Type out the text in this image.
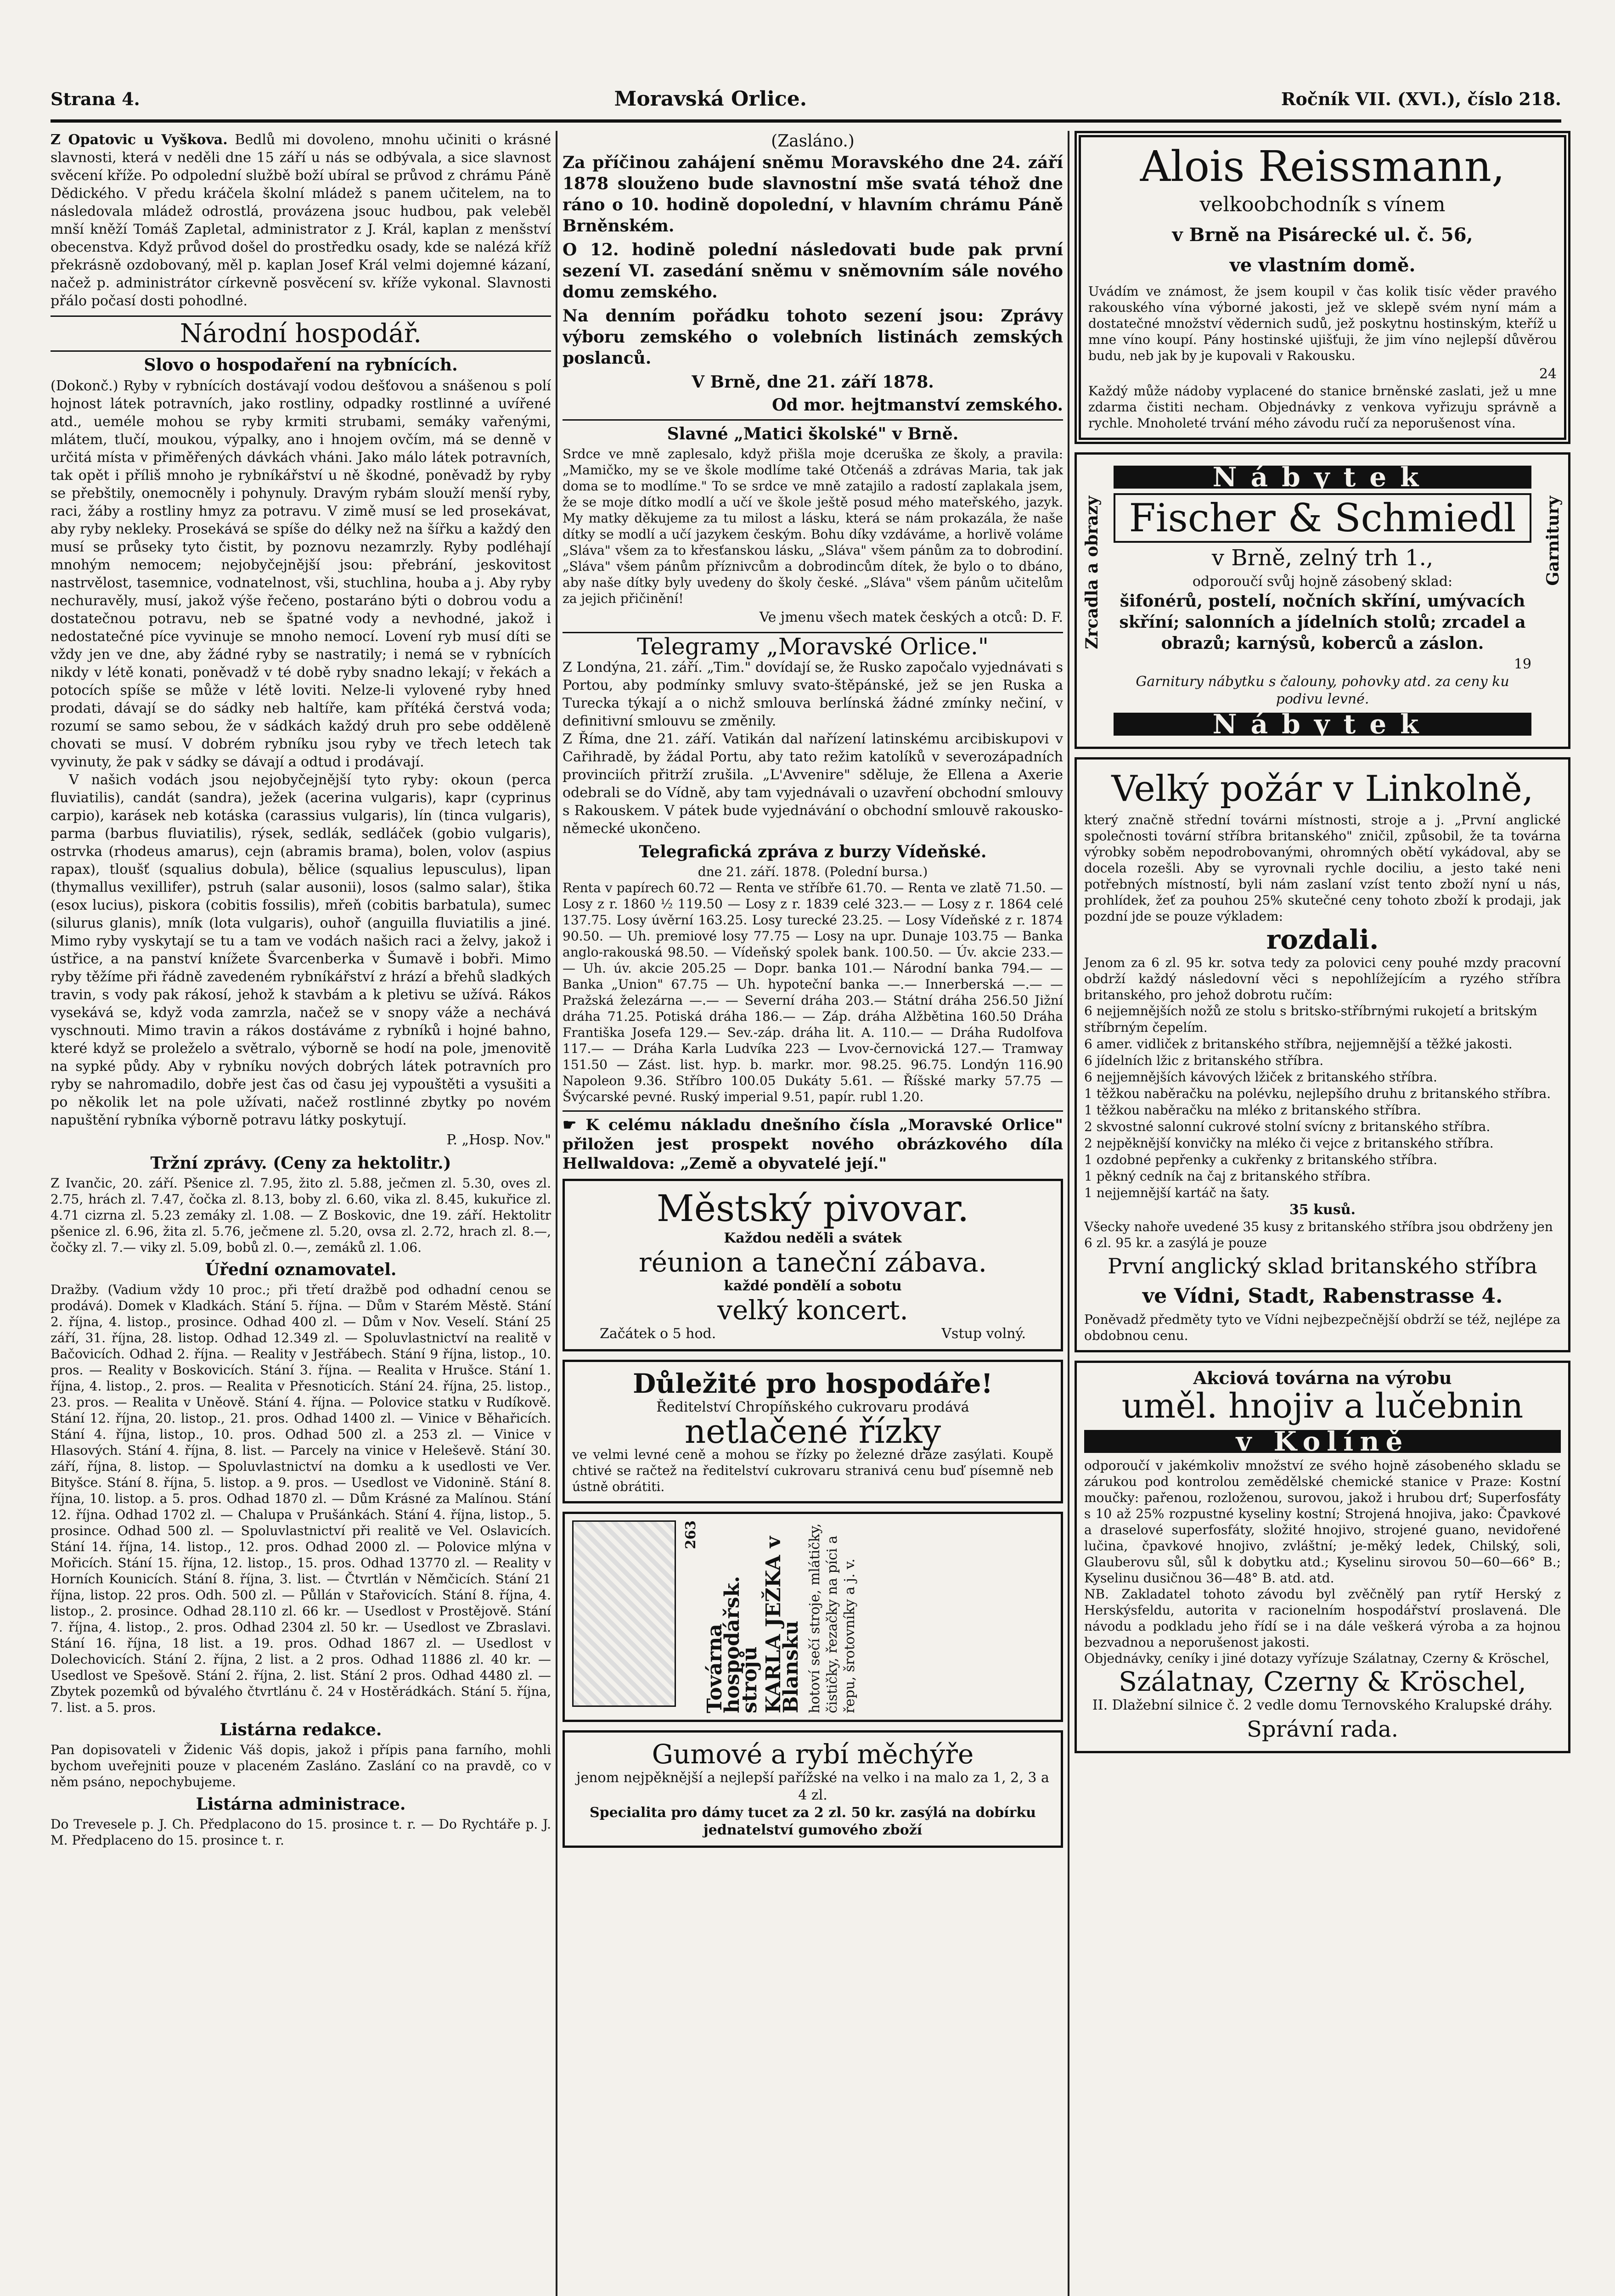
Strana 4.	Moravská Orlice.	Ročník VII. (XVI.), číslo 218.

Z Opatovic u Vyškova. Bedlů mi dovoleno, mnohu učiniti o krásné slavnosti, která v neděli dne 15 září u nás se odbývala, a sice slavnost svěcení kříže. Po odpolední službě boží ubíral se průvod z chrámu Páně Dědického. V předu kráčela školní mládež s panem učitelem, na to následovala mládež odrostlá, provázena jsouc hudbou, pak veleběl mnší kněží Tomáš Zapletal, administrator z J. Král, kaplan z menšství obecenstva. Když průvod došel do prostředku osady, kde se nalézá kříž překrásně ozdobovaný, měl p. kaplan Josef Král velmi dojemné kázaní, načež p. administrátor církevně posvěcení sv. kříže vykonal. Slavnosti přálo počasí dosti pohodlné.

Národní hospodář.
Slovo o hospodaření na rybnících.

(Dokonč.) Ryby v rybnících dostávají vodou dešťovou a snášenou s polí hojnost látek potravních, jako rostliny, odpadky rostlinné a uvířené atd., ueméle mohou se ryby krmiti strubami, semáky vařenými, mlátem, tlučí, moukou, výpalky, ano i hnojem ovčím, má se denně v určitá místa v přiměřených dávkách vháni. Jako málo látek potravních, tak opět i příliš mnoho je rybníkářství u ně škodné, poněvadž by ryby se přebštily, onemocněly i pohynuly. Dravým rybám slouží menší ryby, raci, žáby a rostliny hmyz za potravu. V zimě musí se led prosekávat, aby ryby nekleky. Prosekává se spíše do délky než na šířku a každý den musí se průseky tyto čistit, by poznovu nezamrzly. Ryby podléhají mnohým nemocem; nejobyčejnější jsou: přebrání, jeskovitost nastrvělost, tasemnice, vodnatelnost, vši, stuchlina, houba a j. Aby ryby nechuravěly, musí, jakož výše řečeno, postaráno býti o dobrou vodu a dostatečnou potravu, neb se špatné vody a nevhodné, jakož i nedostatečné píce vyvinuje se mnoho nemocí. Lovení ryb musí díti se vždy jen ve dne, aby žádné ryby se nastratily; i nemá se v rybnících nikdy v létě konati, poněvadž v té době ryby snadno lekají; v řekách a potocích spíše se může v létě loviti. Nelze-li vylovené ryby hned prodati, dávají se do sádky neb haltíře, kam přítéká čerstvá voda; rozumí se samo sebou, že v sádkách každý druh pro sebe odděleně chovati se musí. V dobrém rybníku jsou ryby ve třech letech tak vyvinuty, že pak v sádky se dávají a odtud i prodávají.

V našich vodách jsou nejobyčejnější tyto ryby: okoun (perca fluviatilis), candát (sandra), ježek (acerina vulgaris), kapr (cyprinus carpio), karásek neb kotáska (carassius vulgaris), lín (tinca vulgaris), parma (barbus fluviatilis), rýsek, sedlák, sedláček (gobio vulgaris), ostrvka (rhodeus amarus), cejn (abramis brama), bolen, volov (aspius rapax), tloušť (squalius dobula), bělice (squalius lepusculus), lipan (thymallus vexillifer), pstruh (salar ausonii), losos (salmo salar), štika (esox lucius), piskora (cobitis fossilis), mřeň (cobitis barbatula), sumec (silurus glanis), mník (lota vulgaris), ouhoř (anguilla fluviatilis a jiné. Mimo ryby vyskytají se tu a tam ve vodách našich raci a želvy, jakož i ústřice, a na panství knížete Švarcenberka v Šumavě i bobři. Mimo ryby těžíme při řádně zavedeném rybníkářství z hrází a břehů sladkých travin, s vody pak rákosí, jehož k stavbám a k pletivu se užívá. Rákos vysekává se, když voda zamrzla, načež se v snopy váže a nechává vyschnouti. Mimo travin a rákos dostáváme z rybníků i hojné bahno, které když se proleželo a světralo, výborně se hodí na pole, jmenovitě na sypké půdy. Aby v rybníku nových dobrých látek potravních pro ryby se nahromadilo, dobře jest čas od času jej vypouštěti a vysušiti a po několik let na pole užívati, načež rostlinné zbytky po novém napuštění rybníka výborně potravu látky poskytují.

P. „Hosp. Nov."
Tržní zprávy. (Ceny za hektolitr.)

Z Ivančic, 20. září. Pšenice zl. 7.95, žito zl. 5.88, ječmen zl. 5.30, oves zl. 2.75, hrách zl. 7.47, čočka zl. 8.13, boby zl. 6.60, vika zl. 8.45, kukuřice zl. 4.71 cizrna zl. 5.23 zemáky zl. 1.08. — Z Boskovic, dne 19. září. Hektolitr pšenice zl. 6.96, žita zl. 5.76, ječmene zl. 5.20, ovsa zl. 2.72, hrach zl. 8.—, čočky zl. 7.— viky zl. 5.09, bobů zl. 0.—, zemáků zl. 1.06.

Úřední oznamovatel.

Dražby. (Vadium vždy 10 proc.; při třetí dražbě pod odhadní cenou se prodává). Domek v Kladkách. Stání 5. října. — Dům v Starém Městě. Stání 2. října, 4. listop., prosince. Odhad 400 zl. — Dům v Nov. Veselí. Stání 25 září, 31. října, 28. listop. Odhad 12.349 zl. — Spoluvlastnictví na realitě v Bačovicích. Odhad 2. října. — Reality v Jestřábech. Stání 9 října, listop., 10. pros. — Reality v Boskovicích. Stání 3. října. — Realita v Hrušce. Stání 1. října, 4. listop., 2. pros. — Realita v Přesnoticích. Stání 24. října, 25. listop., 23. pros. — Realita v Uněově. Stání 4. října. — Polovice statku v Rudíkově. Stání 12. října, 20. listop., 21. pros. Odhad 1400 zl. — Vinice v Běhařicích. Stání 4. října, listop., 10. pros. Odhad 500 zl. a 253 zl. — Vinice v Hlasových. Stání 4. října, 8. list. — Parcely na vinice v Heleševě. Stání 30. září, října, 8. listop. — Spoluvlastnictví na domku a k usedlosti ve Ver. Bityšce. Stání 8. října, 5. listop. a 9. pros. — Usedlost ve Vidonině. Stání 8. října, 10. listop. a 5. pros. Odhad 1870 zl. — Dům Krásné za Malínou. Stání 12. října. Odhad 1702 zl. — Chalupa v Prušánkách. Stání 4. října, listop., 5. prosince. Odhad 500 zl. — Spoluvlastnictví při realitě ve Vel. Oslavicích. Stání 14. října, 14. listop., 12. pros. Odhad 2000 zl. — Polovice mlýna v Mořicích. Stání 15. října, 12. listop., 15. pros. Odhad 13770 zl. — Reality v Horních Kounicích. Stání 8. října, 3. list. — Čtvrtlán v Němčicích. Stání 21 října, listop. 22 pros. Odh. 500 zl. — Půllán v Stařovicích. Stání 8. října, 4. listop., 2. prosince. Odhad 28.110 zl. 66 kr. — Usedlost v Prostějově. Stání 7. října, 4. listop., 2. pros. Odhad 2304 zl. 50 kr. — Usedlost ve Zbraslavi. Stání 16. října, 18 list. a 19. pros. Odhad 1867 zl. — Usedlost v Dolechovicích. Stání 2. října, 2 list. a 2 pros. Odhad 11886 zl. 40 kr. — Usedlost ve Spešově. Stání 2. října, 2. list. Stání 2 pros. Odhad 4480 zl. — Zbytek pozemků od bývalého čtvrtlánu č. 24 v Hostěrádkách. Stání 5. října, 7. list. a 5. pros.

Listárna redakce.

Pan dopisovateli v Židenic Váš dopis, jakož i přípis pana farního, mohli bychom uveřejniti pouze v placeném Zasláno. Zaslání co na pravdě, co v něm psáno, nepochybujeme.

Listárna administrace.

Do Trevesele p. J. Ch. Předplacono do 15. prosince t. r. — Do Rychtáře p. J. M. Předplaceno do 15. prosince t. r.

(Zasláno.)

Za příčinou zahájení sněmu Moravského dne 24. září 1878 slouženo bude slavnostní mše svatá téhož dne ráno o 10. hodině dopolední, v hlavním chrámu Páně Brněnském.

O 12. hodině polední následovati bude pak první sezení VI. zasedání sněmu v sněmovním sále nového domu zemského.

Na denním pořádku tohoto sezení jsou: Zprávy výboru zemského o volebních listinách zemských poslanců.

V Brně, dne 21. září 1878.
Od mor. hejtmanství zemského.
Slavné „Matici školské" v Brně.

Srdce ve mně zaplesalo, když přišla moje dceruška ze školy, a pravila: „Mamičko, my se ve škole modlíme také Otčenáš a zdrávas Maria, tak jak doma se to modlíme." To se srdce ve mně zatajilo a radostí zaplakala jsem, že se moje dítko modlí a učí ve škole ještě posud mého mateřského, jazyk. My matky děkujeme za tu milost a lásku, která se nám prokazála, že naše dítky se modlí a učí jazykem českým. Bohu díky vzdáváme, a horlivě voláme „Sláva" všem za to křesťanskou lásku, „Sláva" všem pánům za to dobrodiní. „Sláva" všem pánům příznivcům a dobrodincům dítek, že bylo o to dbáno, aby naše dítky byly uvedeny do školy české. „Sláva" všem pánům učitelům za jejich přičinění!

Ve jmenu všech matek českých a otců: D. F.
Telegramy „Moravské Orlice."

Z Londýna, 21. září. „Tim." dovídají se, že Rusko započalo vyjednávati s Portou, aby podmínky smluvy svato-štěpánské, jež se jen Ruska a Turecka týkají a o nichž smlouva berlínská žádné zmínky nečiní, v definitivní smlouvu se změnily.

Z Říma, dne 21. září. Vatikán dal nařízení latinskému arcibiskupovi v Cařihradě, by žádal Portu, aby tato režim katolíků v severozápadních provinciích přitrží zrušila. „L'Avvenire" sděluje, že Ellena a Axerie odebrali se do Vídně, aby tam vyjednávali o uzavření obchodní smlouvy s Rakouskem. V pátek bude vyjednávání o obchodní smlouvě rakousko-německé ukončeno.

Telegrafická zpráva z burzy Vídeňské.
dne 21. září. 1878. (Polední bursa.)

Renta v papírech 60.72 — Renta ve stříbře 61.70. — Renta ve zlatě 71.50. — Losy z r. 1860 ½ 119.50 — Losy z r. 1839 celé 323.— — Losy z r. 1864 celé 137.75. Losy úvěrní 163.25. Losy turecké 23.25. — Losy Vídeňské z r. 1874 90.50. — Uh. premiové losy 77.75 — Losy na upr. Dunaje 103.75 — Banka anglo-rakouská 98.50. — Vídeňský spolek bank. 100.50. — Úv. akcie 233.— — Uh. úv. akcie 205.25 — Dopr. banka 101.— Národní banka 794.— — Banka „Union" 67.75 — Uh. hypoteční banka —.— Innerberská —.— — Pražská železárna —.— — Severní dráha 203.— Státní dráha 256.50 Jižní dráha 71.25. Potiská dráha 186.— — Záp. dráha Alžbětina 160.50 Dráha Františka Josefa 129.— Sev.-záp. dráha lit. A. 110.— — Dráha Rudolfova 117.— — Dráha Karla Ludvíka 223 — Lvov-černovická 127.— Tramway 151.50 — Zást. list. hyp. b. markr. mor. 98.25. 96.75. Londýn 116.90 Napoleon 9.36. Stříbro 100.05 Dukáty 5.61. — Říšské marky 57.75 — Švýcarské pevné. Ruský imperial 9.51, papír. rubl 1.20.

☛ K celému nákladu dnešního čísla „Moravské Orlice" přiložen jest prospekt nového obrázkového díla Hellwaldova: „Země a obyvatelé její."
Městský pivovar.
Každou neděli a svátek
réunion a taneční zábava.
každé pondělí a sobotu
velký koncert.
Začátek o 5 hod.	Vstup volný.
Důležité pro hospodáře!
Ředitelství Chropíňského cukrovaru prodává
netlačené řízky
ve velmi levné ceně a mohou se řízky po železné dráze zasýlati. Koupě chtivé se račtež na ředitelství cukrovaru stranivá cenu buď písemně neb ústně obrátiti.
263
Továrna hospodářsk. strojů KARLA JEŽKA v Blansku hotoví sečí stroje, mlátičky, čističky, řezačky na píci a řepu, šrotovníky a j. v.
Gumové a rybí měchýře
jenom nejpěknější a nejlepší pařížské na velko i na malo za 1, 2, 3 a 4 zl.
Specialita pro dámy tucet za 2 zl. 50 kr. zasýlá na dobírku jednatelství gumového zboží
Alois Reissmann,
velkoobchodník s vínem
v Brně na Pisárecké ul. č. 56,
ve vlastním domě.

Uvádím ve známost, že jsem koupil v čas kolik tisíc věder pravého rakouského vína výborné jakosti, jež ve sklepě svém nyní mám a dostatečné množství vědernich sudů, jež poskytnu hostinským, kteříž u mne víno koupí. Pány hostinské ujišťuji, že jim víno nejlepší důvěrou budu, neb jak by je kupovali v Rakousku.

24

Každý může nádoby vyplacené do stanice brněnské zaslati, jež u mne zdarma čistiti necham. Objednávky z venkova vyřizuju správně a rychle. Mnoholeté trvání mého závodu ručí za neporušenost vína.

Nábytek
Zrcadla a obrazy	Garnitury
Fischer & Schmiedl
v Brně, zelný trh 1.,
odporoučí svůj hojně zásobený sklad:
šifonérů, postelí, nočních skříní, umývacích skříní; salonních a jídelních stolů; zrcadel a obrazů; karnýsů, koberců a záslon.
19
Garnitury nábytku s čalouny, pohovky atd. za ceny ku podivu levné.
Nábytek
Velký požár v Linkolně,

který značně střední továrni místnosti, stroje a j. „První anglické společnosti tovární stříbra britanského" zničil, způsobil, že ta továrna výrobky soběm nepodrobovanými, ohromných obětí vykádoval, aby se docela rozešli. Aby se vyrovnali rychle dociliu, a jesto také neni potřebných místností, byli nám zaslaní vzíst tento zboží nyní u nás, prohlídek, žeť za pouhou 25% skutečné ceny tohoto zboží k prodaji, jak pozdní jde se pouze výkladem:

rozdali.

Jenom za 6 zl. 95 kr. sotva tedy za polovici ceny pouhé mzdy pracovní obdrží každý následovní věci s nepohlížejícím a ryzého stříbra britanského, pro jehož dobrotu ručím:

6 nejjemnějších nožů ze stolu s britsko-stříbrnými rukojetí a britským stříbrným čepelím.

6 amer. vidliček z britanského stříbra, nejjemnější a těžké jakosti.

6 jídelních lžic z britanského stříbra.

6 nejjemnějších kávových lžiček z britanského stříbra.

1 těžkou naběračku na polévku, nejlepšího druhu z britanského stříbra.

1 těžkou naběračku na mléko z britanského stříbra.

2 skvostné salonní cukrové stolní svícny z britanského stříbra.

2 nejpěknější konvičky na mléko či vejce z britanského stříbra.

1 ozdobné pepřenky a cukřenky z britanského stříbra.

1 pěkný cedník na čaj z britanského stříbra.

1 nejjemnější kartáč na šaty.

35 kusů.

Všecky nahoře uvedené 35 kusy z britanského stříbra jsou obdrženy jen 6 zl. 95 kr. a zasýlá je pouze

První anglický sklad britanského stříbra
ve Vídni, Stadt, Rabenstrasse 4.

Poněvadž předměty tyto ve Vídni nejbezpečnější obdrží se též, nejlépe za obdobnou cenu.

Akciová továrna na výrobu
uměl. hnojiv a lučebnin
v Kolíně

odporoučí v jakémkoliv množství ze svého hojně zásobeného skladu se zárukou pod kontrolou zemědělské chemické stanice v Praze: Kostní moučky: pařenou, rozloženou, surovou, jakož i hrubou drť; Superfosfáty s 10 až 25% rozpustné kyseliny kostní; Strojená hnojiva, jako: Čpavkové a draselové superfosfáty, složité hnojivo, strojené guano, nevidořené lučina, čpavkové hnojivo, zvláštní; je-měký ledek, Chilský, soli, Glauberovu sůl, sůl k dobytku atd.; Kyselinu sirovou 50—60—66° B.; Kyselinu dusičnou 36—48° B. atd. atd.

NB. Zakladatel tohoto závodu byl zvěčnělý pan rytíř Herský z Herskýsfeldu, autorita v racionelním hospodářství proslavená. Dle návodu a podkladu jeho řídí se i na dále veškerá výroba a za hojnou bezvadnou a neporušenost jakosti.

Objednávky, ceníky i jiné dotazy vyřízuje Szálatnay, Czerny & Kröschel,

Szálatnay, Czerny & Kröschel,
II. Dlažební silnice č. 2 vedle domu Ternovského Kralupské dráhy.
Správní rada.
